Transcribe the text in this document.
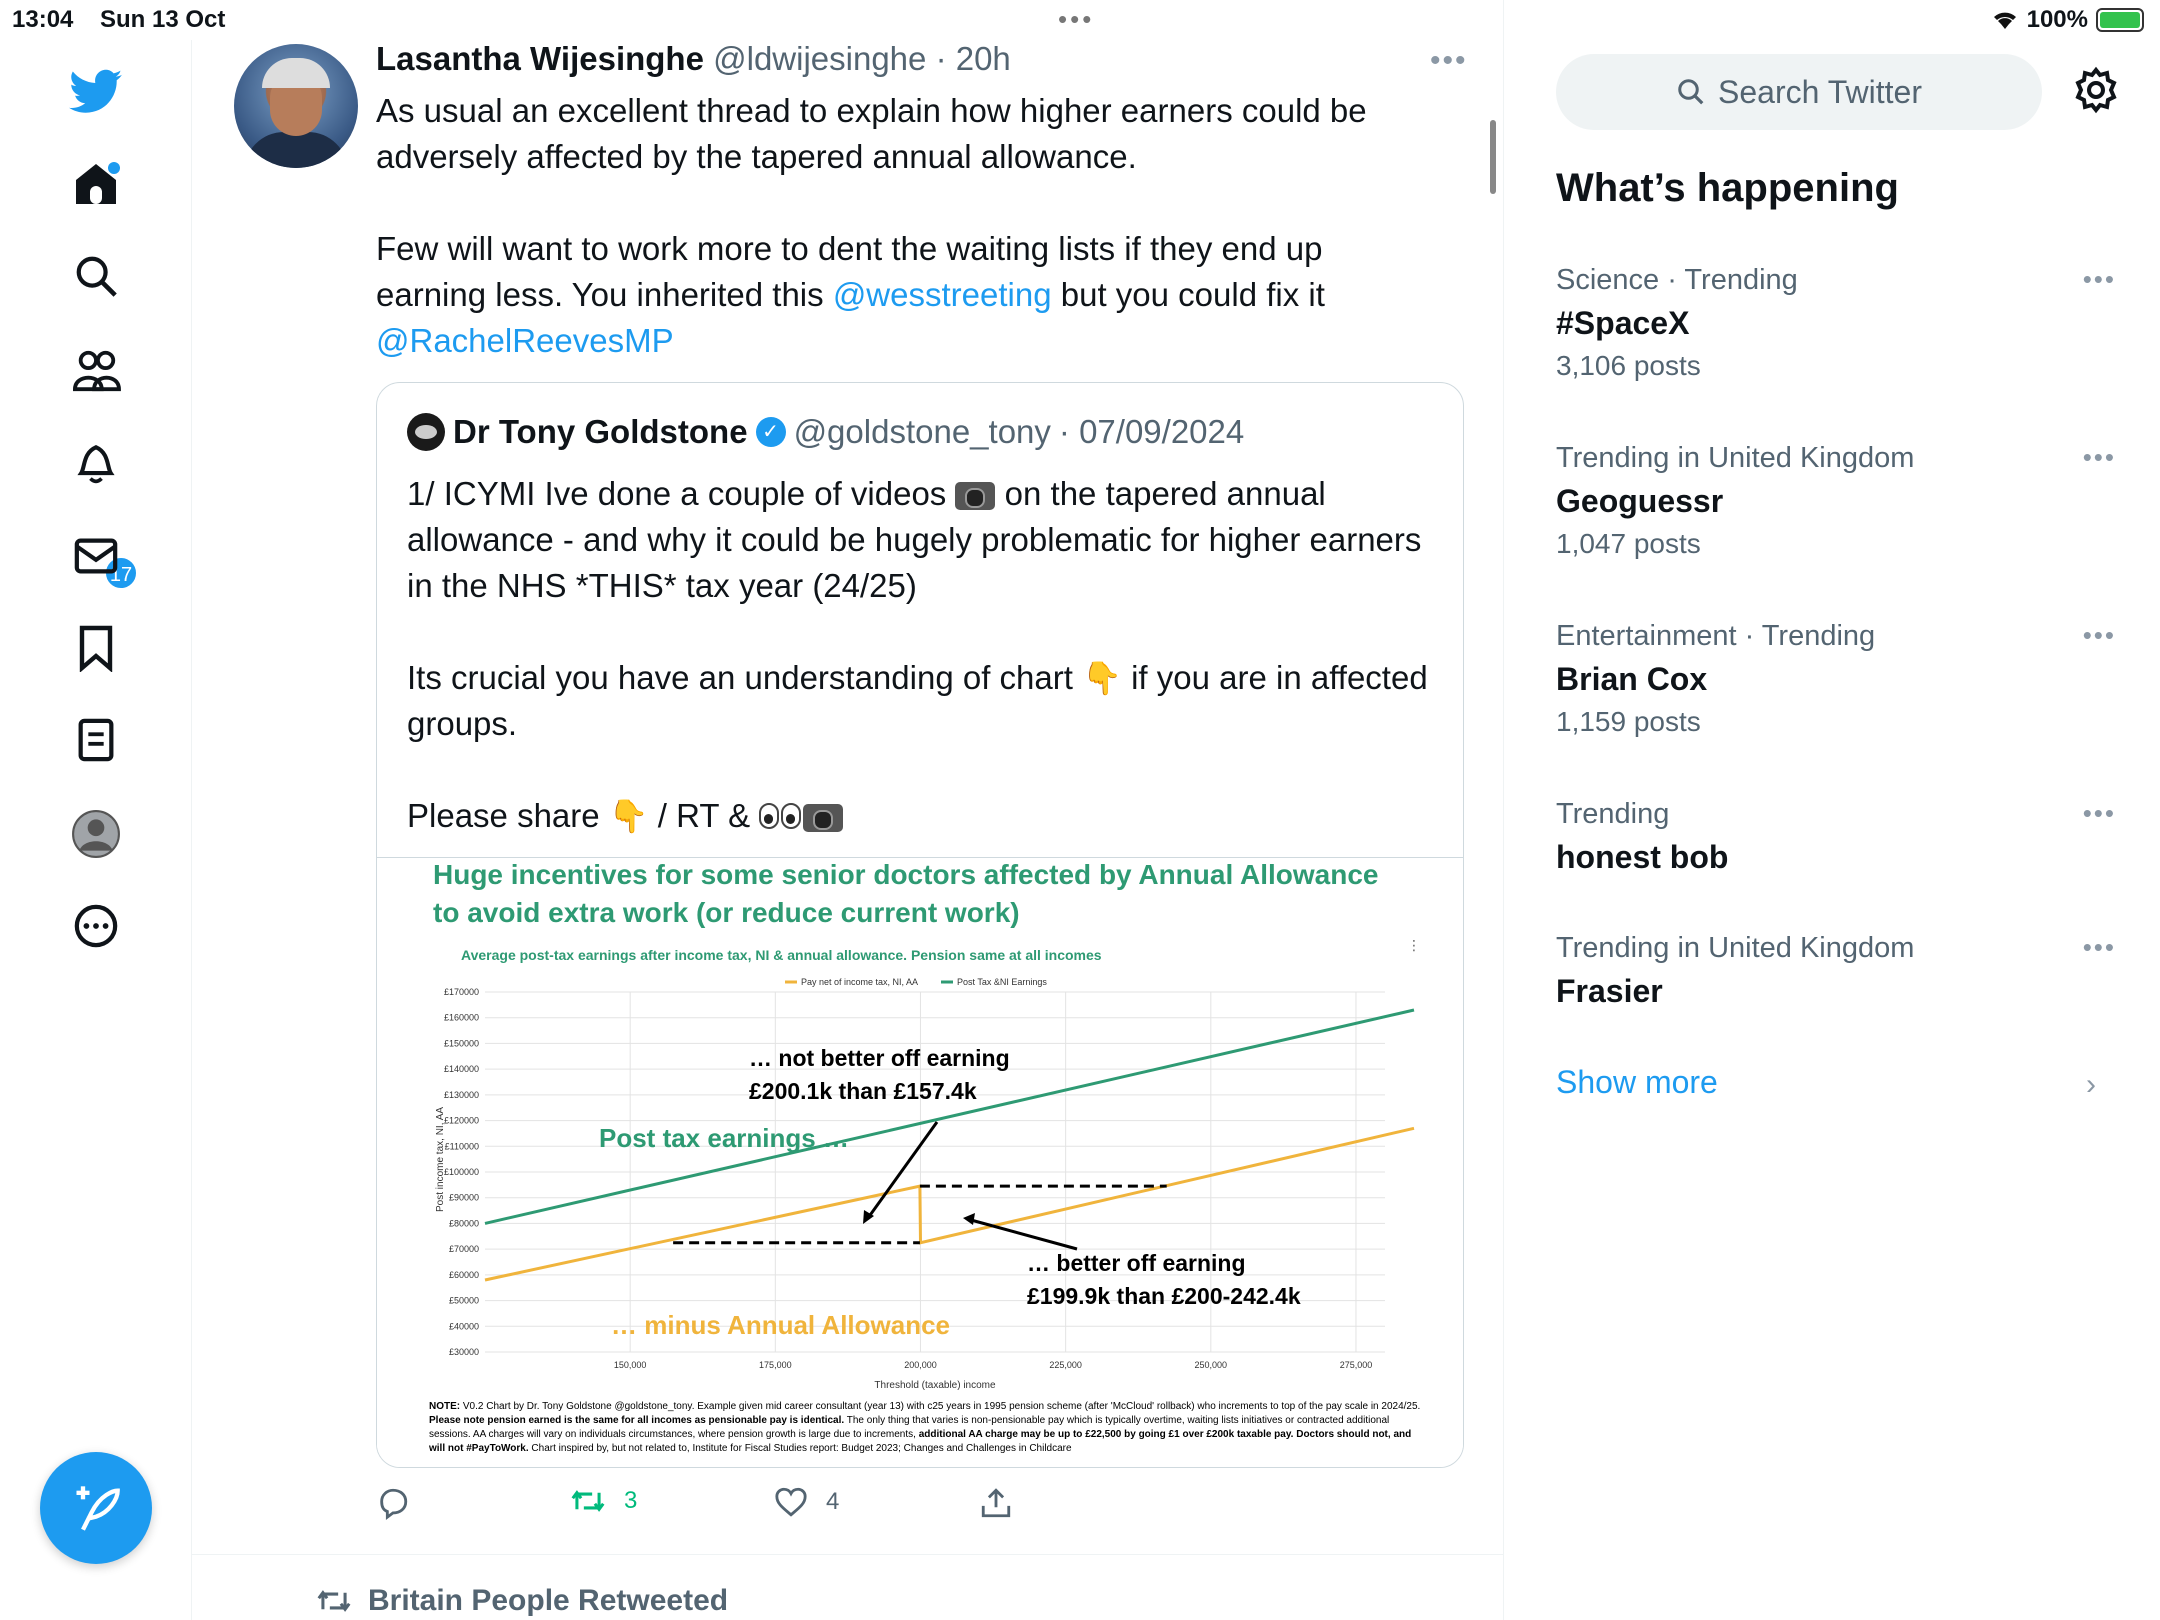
13:04 Sun 13 Oct	•••	100%
17
Lasantha Wijesinghe @ldwijesinghe · 20h	•••

As usual an excellent thread to explain how higher earners could be adversely affected by the tapered annual allowance.

Few will want to work more to dent the waiting lists if they end up earning less. You inherited this @wesstreeting but you could fix it @RachelReevesMP

Dr Tony Goldstone ✓ @goldstone_tony · 07/09/2024

1/ ICYMI Ive done a couple of videos  on the tapered annual allowance - and why it could be hugely problematic for higher earners in the NHS *THIS* tax year (24/25)

Its crucial you have an understanding of chart 👇 if you are in affected groups.

Please share 👇 / RT &

Huge incentives for some senior doctors affected by Annual Allowance
to avoid extra work (or reduce current work)
Average post-tax earnings after income tax, NI & annual allowance. Pension same at all incomes
⋮
Pay net of income tax, NI, AA	Post Tax &NI Earnings
£30000
£40000
£50000
£60000
£70000
£80000
£90000
£100000
£110000
£120000
£130000
£140000
£150000
£160000
£170000
150,000	175,000	200,000	225,000	250,000	275,000
Post income tax, NI, AA
Threshold (taxable) income
… not better off earning
£200.1k than £157.4k
Post tax earnings …
… minus Annual Allowance
… better off earning
£199.9k than £200-242.4k
NOTE: V0.2 Chart by Dr. Tony Goldstone @goldstone_tony. Example given mid career consultant (year 13) with c25 years in 1995 pension scheme (after 'McCloud' rollback) who increments to top of the pay scale in 2024/25. Please note pension earned is the same for all incomes as pensionable pay is identical. The only thing that varies is non-pensionable pay which is typically overtime, waiting lists initiatives or contracted additional sessions. AA charges will vary on individuals circumstances, where pension growth is large due to increments, additional AA charge may be up to £22,500 by going £1 over £200k taxable pay. Doctors should not, and will not #PayToWork. Chart inspired by, but not related to, Institute for Fiscal Studies report: Budget 2023; Changes and Challenges in Childcare
3	4
Britain People Retweeted
Search Twitter
What’s happening
Science · Trending
#SpaceX
3,106 posts
•••
Trending in United Kingdom
Geoguessr
1,047 posts
•••
Entertainment · Trending
Brian Cox
1,159 posts
•••
Trending
honest bob
•••
Trending in United Kingdom
Frasier
•••
Show more	›
